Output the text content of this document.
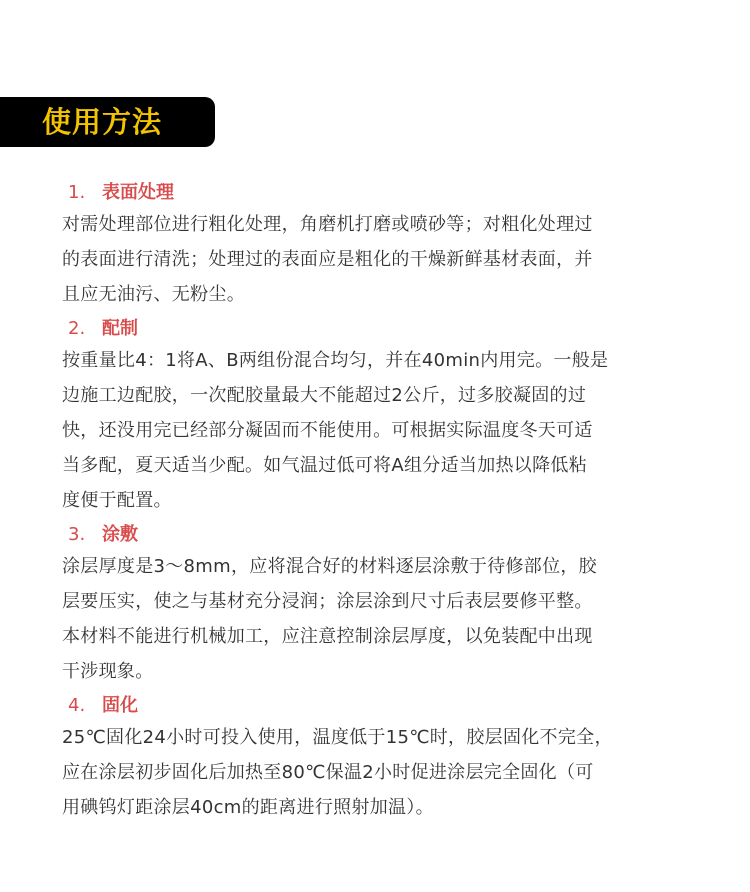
使用方法
1. 表面处理
对需处理部位进行粗化处理，角磨机打磨或喷砂等；对粗化处理过
的表面进行清洗；处理过的表面应是粗化的干燥新鲜基材表面，并
且应无油污、无粉尘。
2. 配制
按重量比4：1将A、B两组份混合均匀，并在40min内用完。一般是
边施工边配胶，一次配胶量最大不能超过2公斤，过多胶凝固的过
快，还没用完已经部分凝固而不能使用。可根据实际温度冬天可适
当多配，夏天适当少配。如气温过低可将A组分适当加热以降低粘
度便于配置。
3. 涂敷
涂层厚度是3～8mm，应将混合好的材料逐层涂敷于待修部位，胶
层要压实，使之与基材充分浸润；涂层涂到尺寸后表层要修平整。
本材料不能进行机械加工，应注意控制涂层厚度，以免装配中出现
干涉现象。
4. 固化
25℃固化24小时可投入使用，温度低于15℃时，胶层固化不完全，
应在涂层初步固化后加热至80℃保温2小时促进涂层完全固化（可
用碘钨灯距涂层40cm的距离进行照射加温）。
